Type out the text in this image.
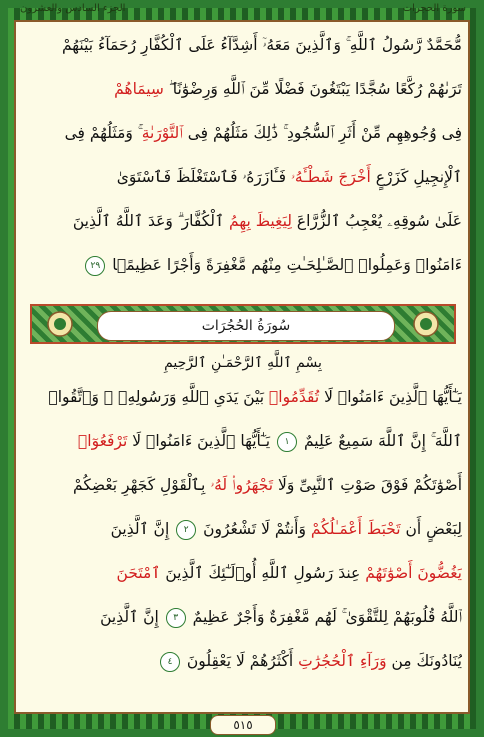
الجزء السادس والعشرون	سورة الحجرات
مُّحَمَّدٌ رَّسُولُ ٱللَّهِ ۚ وَٱلَّذِينَ مَعَهُۥٓ أَشِدَّآءُ عَلَى ٱلْكُفَّارِ رُحَمَآءُ بَيْنَهُمْ
تَرَىٰهُمْ رُكَّعًا سُجَّدًا يَبْتَغُونَ فَضْلًا مِّنَ ٱللَّهِ وَرِضْوَٰنًا ۖ سِيمَاهُمْ
فِى وُجُوهِهِم مِّنْ أَثَرِ ٱلسُّجُودِ ۚ ذَٰلِكَ مَثَلُهُمْ فِى ٱلتَّوْرَىٰةِ ۚ وَمَثَلُهُمْ فِى
ٱلْإِنجِيلِ كَزَرْعٍ أَخْرَجَ شَطْـَٔهُۥ فَـَٔازَرَهُۥ فَٱسْتَغْلَظَ فَٱسْتَوَىٰ
عَلَىٰ سُوقِهِۦ يُعْجِبُ ٱلزُّرَّاعَ لِيَغِيظَ بِهِمُ ٱلْكُفَّارَ ۗ وَعَدَ ٱللَّهُ ٱلَّذِينَ
ءَامَنُوا۟ وَعَمِلُوا۟ ٱلصَّـٰلِحَـٰتِ مِنْهُم مَّغْفِرَةً وَأَجْرًا عَظِيمًۢا ٢٩
سُورَةُ الحُجُرَات
بِسْمِ ٱللَّهِ ٱلرَّحْمَـٰنِ ٱلرَّحِيمِ
يَـٰٓأَيُّهَا ٱلَّذِينَ ءَامَنُوا۟ لَا تُقَدِّمُوا۟ بَيْنَ يَدَىِ ٱللَّهِ وَرَسُولِهِۦ ۖ وَٱتَّقُوا۟
ٱللَّهَ ۚ إِنَّ ٱللَّهَ سَمِيعٌ عَلِيمٌ ١ يَـٰٓأَيُّهَا ٱلَّذِينَ ءَامَنُوا۟ لَا تَرْفَعُوٓا۟
أَصْوَٰتَكُمْ فَوْقَ صَوْتِ ٱلنَّبِىِّ وَلَا تَجْهَرُوا۟ لَهُۥ بِٱلْقَوْلِ كَجَهْرِ بَعْضِكُمْ
لِبَعْضٍ أَن تَحْبَطَ أَعْمَـٰلُكُمْ وَأَنتُمْ لَا تَشْعُرُونَ ٢ إِنَّ ٱلَّذِينَ
يَغُضُّونَ أَصْوَٰتَهُمْ عِندَ رَسُولِ ٱللَّهِ أُو۟لَـٰٓئِكَ ٱلَّذِينَ ٱمْتَحَنَ
ٱللَّهُ قُلُوبَهُمْ لِلتَّقْوَىٰ ۚ لَهُم مَّغْفِرَةٌ وَأَجْرٌ عَظِيمٌ ٣ إِنَّ ٱلَّذِينَ
يُنَادُونَكَ مِن وَرَآءِ ٱلْحُجُرَٰتِ أَكْثَرُهُمْ لَا يَعْقِلُونَ ٤
٥١٥
